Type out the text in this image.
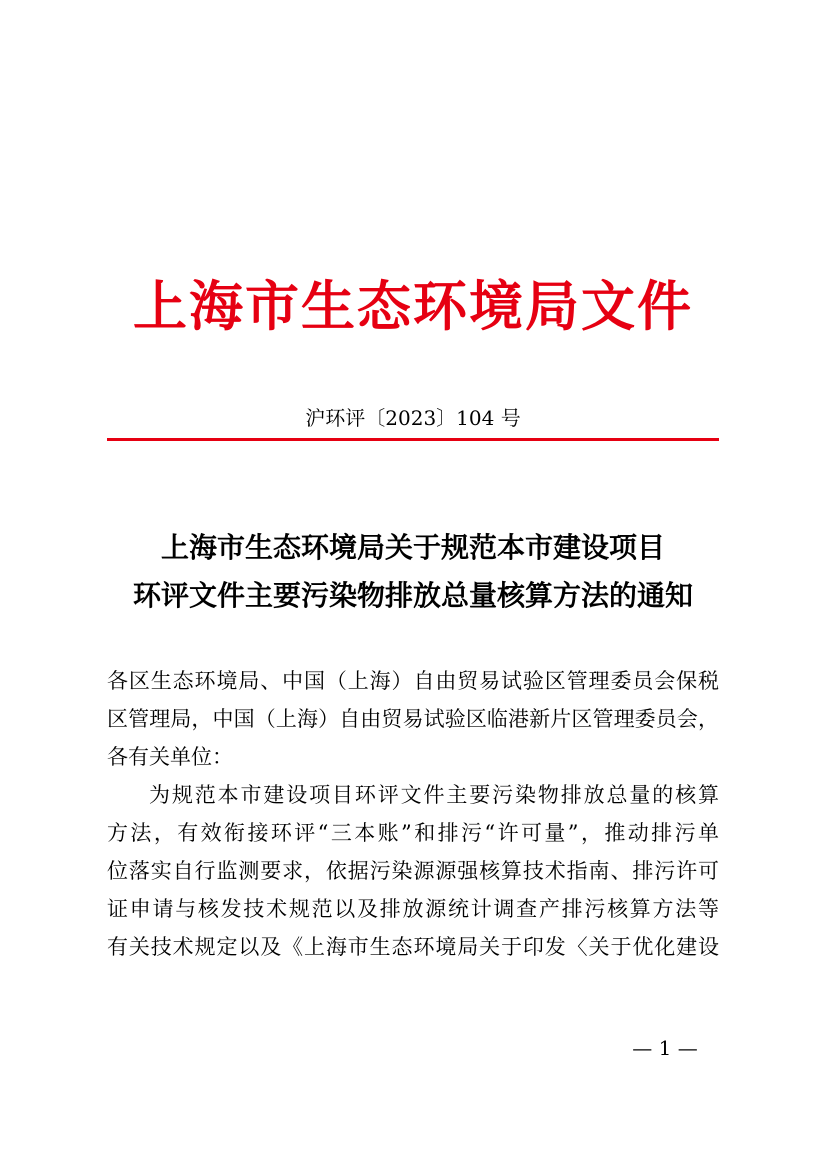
上海市生态环境局文件
沪环评〔2023〕104 号
上海市生态环境局关于规范本市建设项目
环评文件主要污染物排放总量核算方法的通知
各区生态环境局、中国（上海）自由贸易试验区管理委员会保税
区管理局，中国（上海）自由贸易试验区临港新片区管理委员会，
各有关单位：
为规范本市建设项目环评文件主要污染物排放总量的核算
方法，有效衔接环评“三本账”和排污“许可量”，推动排污单
位落实自行监测要求，依据污染源源强核算技术指南、排污许可
证申请与核发技术规范以及排放源统计调查产排污核算方法等
有关技术规定以及《上海市生态环境局关于印发〈关于优化建设
— 1 —
